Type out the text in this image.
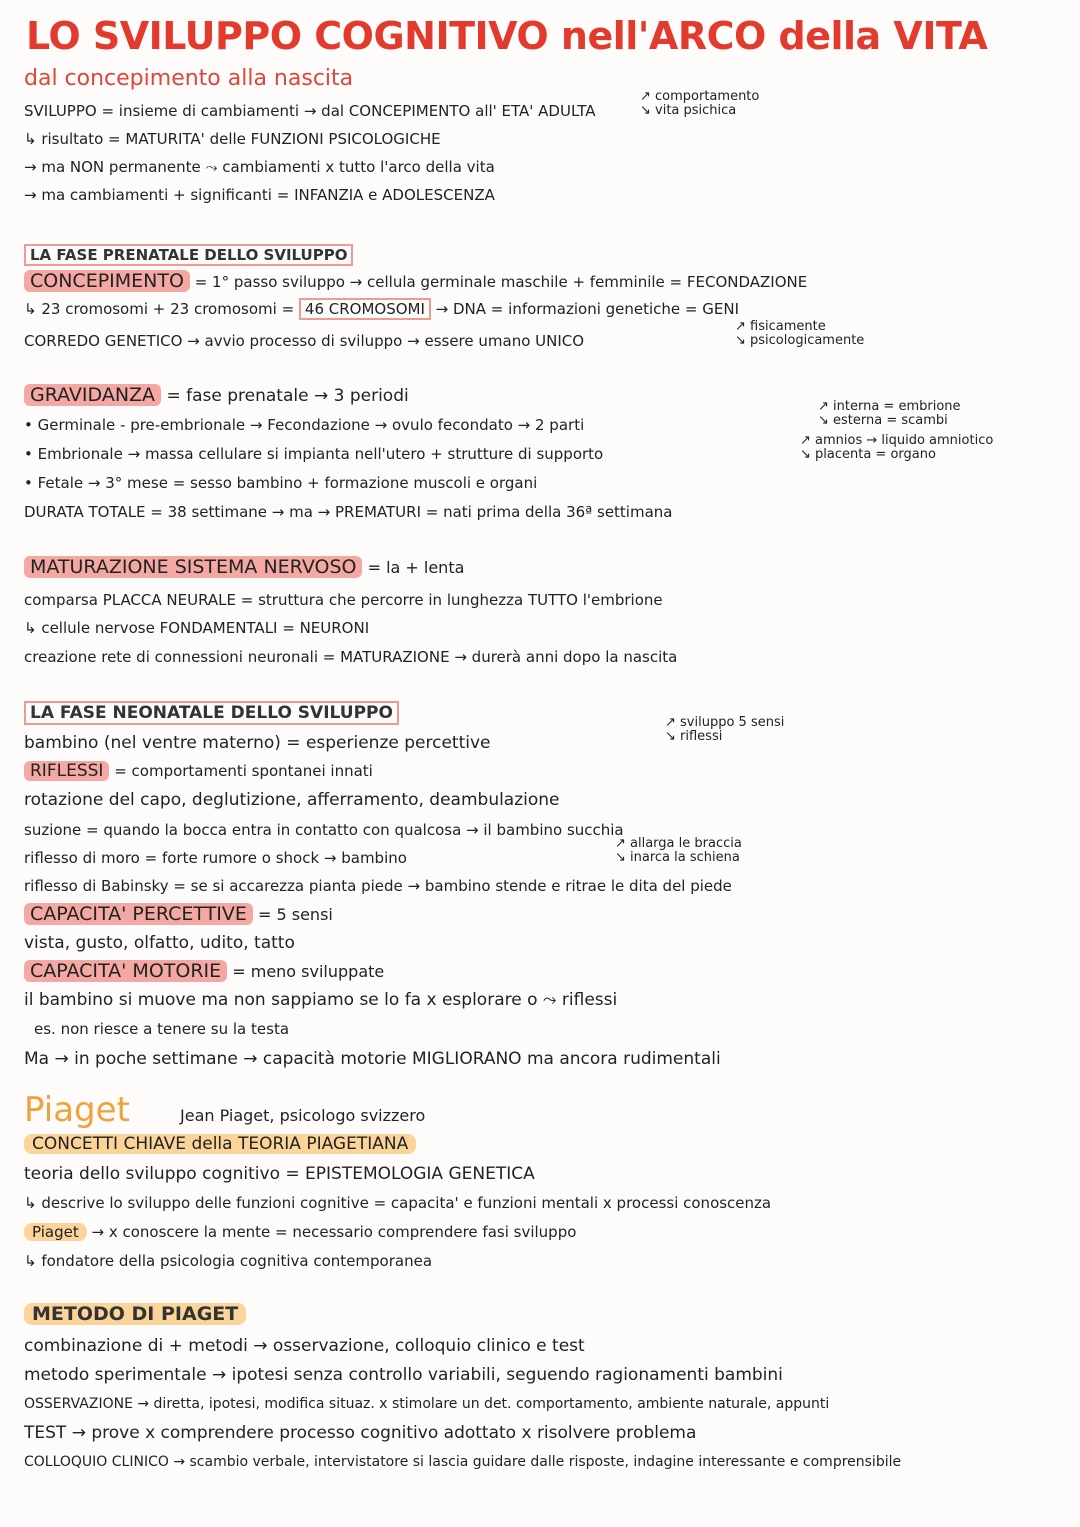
LO SVILUPPO COGNITIVO nell'ARCO della VITA
dal concepimento alla nascita
SVILUPPO = insieme di cambiamenti → dal CONCEPIMENTO all' ETA' ADULTA
↗ comportamento
↘ vita psichica
↳ risultato = MATURITA' delle FUNZIONI PSICOLOGICHE
→ ma NON permanente ⤳ cambiamenti x tutto l'arco della vita
→ ma cambiamenti + significanti = INFANZIA e ADOLESCENZA
LA FASE PRENATALE DELLO SVILUPPO
CONCEPIMENTO = 1° passo sviluppo → cellula germinale maschile + femminile = FECONDAZIONE
↳ 23 cromosomi + 23 cromosomi = 46 CROMOSOMI → DNA = informazioni genetiche = GENI
CORREDO GENETICO → avvio processo di sviluppo → essere umano UNICO
↗ fisicamente
↘ psicologicamente
GRAVIDANZA = fase prenatale → 3 periodi
• Germinale - pre-embrionale → Fecondazione → ovulo fecondato → 2 parti
↗ interna = embrione
↘ esterna = scambi
• Embrionale → massa cellulare si impianta nell'utero + strutture di supporto
↗ amnios → liquido amniotico
↘ placenta = organo
• Fetale → 3° mese = sesso bambino + formazione muscoli e organi
DURATA TOTALE = 38 settimane → ma → PREMATURI = nati prima della 36ª settimana
MATURAZIONE SISTEMA NERVOSO = la + lenta
comparsa PLACCA NEURALE = struttura che percorre in lunghezza TUTTO l'embrione
↳ cellule nervose FONDAMENTALI = NEURONI
creazione rete di connessioni neuronali = MATURAZIONE → durerà anni dopo la nascita
LA FASE NEONATALE DELLO SVILUPPO
bambino (nel ventre materno) = esperienze percettive
↗ sviluppo 5 sensi
↘ riflessi
RIFLESSI = comportamenti spontanei innati
rotazione del capo, deglutizione, afferramento, deambulazione
suzione = quando la bocca entra in contatto con qualcosa → il bambino succhia
riflesso di moro = forte rumore o shock → bambino
↗ allarga le braccia
↘ inarca la schiena
riflesso di Babinsky = se si accarezza pianta piede → bambino stende e ritrae le dita del piede
CAPACITA' PERCETTIVE = 5 sensi
vista, gusto, olfatto, udito, tatto
CAPACITA' MOTORIE = meno sviluppate
il bambino si muove ma non sappiamo se lo fa x esplorare o ⤳ riflessi
es. non riesce a tenere su la testa
Ma → in poche settimane → capacità motorie MIGLIORANO ma ancora rudimentali
Piaget	Jean Piaget, psicologo svizzero
CONCETTI CHIAVE della TEORIA PIAGETIANA
teoria dello sviluppo cognitivo = EPISTEMOLOGIA GENETICA
↳ descrive lo sviluppo delle funzioni cognitive = capacita' e funzioni mentali x processi conoscenza
Piaget → x conoscere la mente = necessario comprendere fasi sviluppo
↳ fondatore della psicologia cognitiva contemporanea
METODO DI PIAGET
combinazione di + metodi → osservazione, colloquio clinico e test
metodo sperimentale → ipotesi senza controllo variabili, seguendo ragionamenti bambini
OSSERVAZIONE → diretta, ipotesi, modifica situaz. x stimolare un det. comportamento, ambiente naturale, appunti
TEST → prove x comprendere processo cognitivo adottato x risolvere problema
COLLOQUIO CLINICO → scambio verbale, intervistatore si lascia guidare dalle risposte, indagine interessante e comprensibile
